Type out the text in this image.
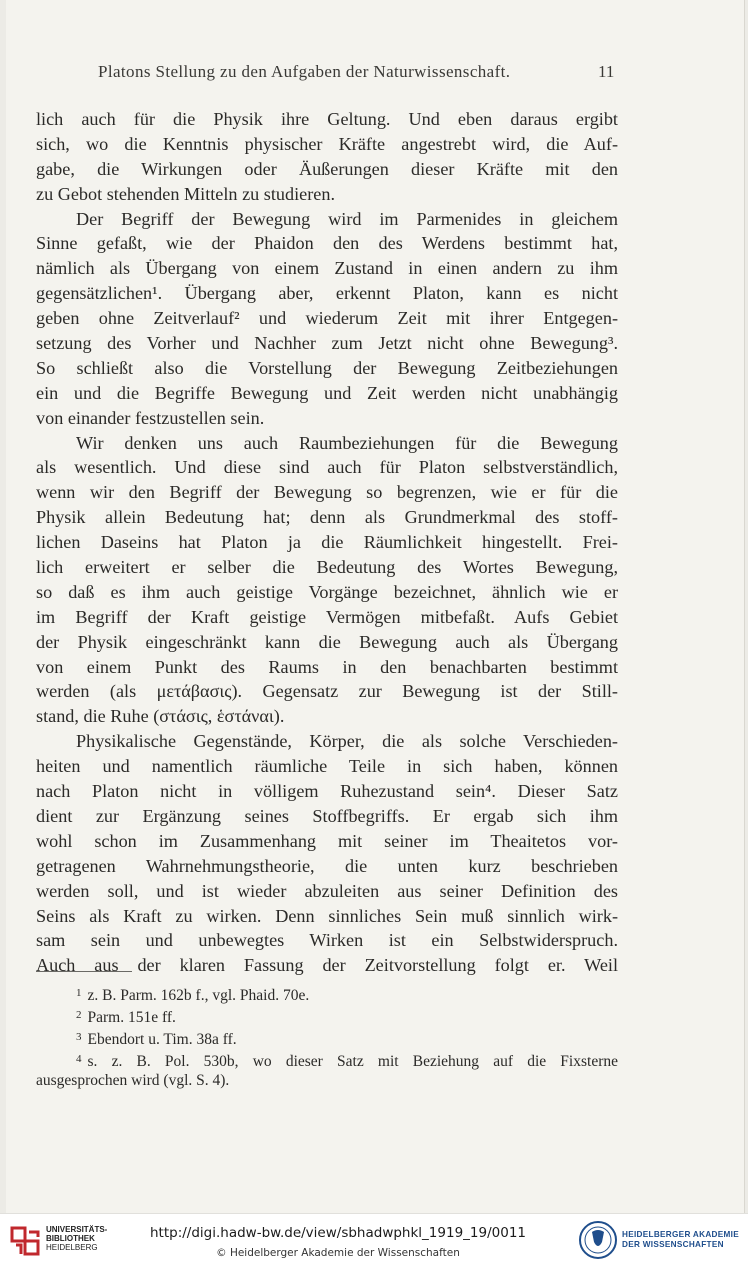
Platons Stellung zu den Aufgaben der Naturwissenschaft.	11
lich auch für die Physik ihre Geltung. Und eben daraus ergibt
sich, wo die Kenntnis physischer Kräfte angestrebt wird, die Auf-
gabe, die Wirkungen oder Äußerungen dieser Kräfte mit den
zu Gebot stehenden Mitteln zu studieren.
Der Begriff der Bewegung wird im Parmenides in gleichem
Sinne gefaßt, wie der Phaidon den des Werdens bestimmt hat,
nämlich als Übergang von einem Zustand in einen andern zu ihm
gegensätzlichen¹. Übergang aber, erkennt Platon, kann es nicht
geben ohne Zeitverlauf² und wiederum Zeit mit ihrer Entgegen-
setzung des Vorher und Nachher zum Jetzt nicht ohne Bewegung³.
So schließt also die Vorstellung der Bewegung Zeitbeziehungen
ein und die Begriffe Bewegung und Zeit werden nicht unabhängig
von einander festzustellen sein.
Wir denken uns auch Raumbeziehungen für die Bewegung
als wesentlich. Und diese sind auch für Platon selbstverständlich,
wenn wir den Begriff der Bewegung so begrenzen, wie er für die
Physik allein Bedeutung hat; denn als Grundmerkmal des stoff-
lichen Daseins hat Platon ja die Räumlichkeit hingestellt. Frei-
lich erweitert er selber die Bedeutung des Wortes Bewegung,
so daß es ihm auch geistige Vorgänge bezeichnet, ähnlich wie er
im Begriff der Kraft geistige Vermögen mitbefaßt. Aufs Gebiet
der Physik eingeschränkt kann die Bewegung auch als Übergang
von einem Punkt des Raums in den benachbarten bestimmt
werden (als μετάβασις). Gegensatz zur Bewegung ist der Still-
stand, die Ruhe (στάσις, ἑστάναι).
Physikalische Gegenstände, Körper, die als solche Verschieden-
heiten und namentlich räumliche Teile in sich haben, können
nach Platon nicht in völligem Ruhezustand sein⁴. Dieser Satz
dient zur Ergänzung seines Stoffbegriffs. Er ergab sich ihm
wohl schon im Zusammenhang mit seiner im Theaitetos vor-
getragenen Wahrnehmungstheorie, die unten kurz beschrieben
werden soll, und ist wieder abzuleiten aus seiner Definition des
Seins als Kraft zu wirken. Denn sinnliches Sein muß sinnlich wirk-
sam sein und unbewegtes Wirken ist ein Selbstwiderspruch.
Auch aus der klaren Fassung der Zeitvorstellung folgt er. Weil
$^1$ z. B. Parm. 162b f., vgl. Phaid. 70e.
$^2$ Parm. 151e ff.
$^3$ Ebendort u. Tim. 38a ff.
$^4$ s. z. B. Pol. 530b, wo dieser Satz mit Beziehung auf die Fixsterne
ausgesprochen wird (vgl. S. 4).
UNIVERSITÄTS-
BIBLIOTHEK
HEIDELBERG
http://digi.hadw-bw.de/view/sbhadwphkl_1919_19/0011
© Heidelberger Akademie der Wissenschaften
HEIDELBERGER AKADEMIE
DER WISSENSCHAFTEN
